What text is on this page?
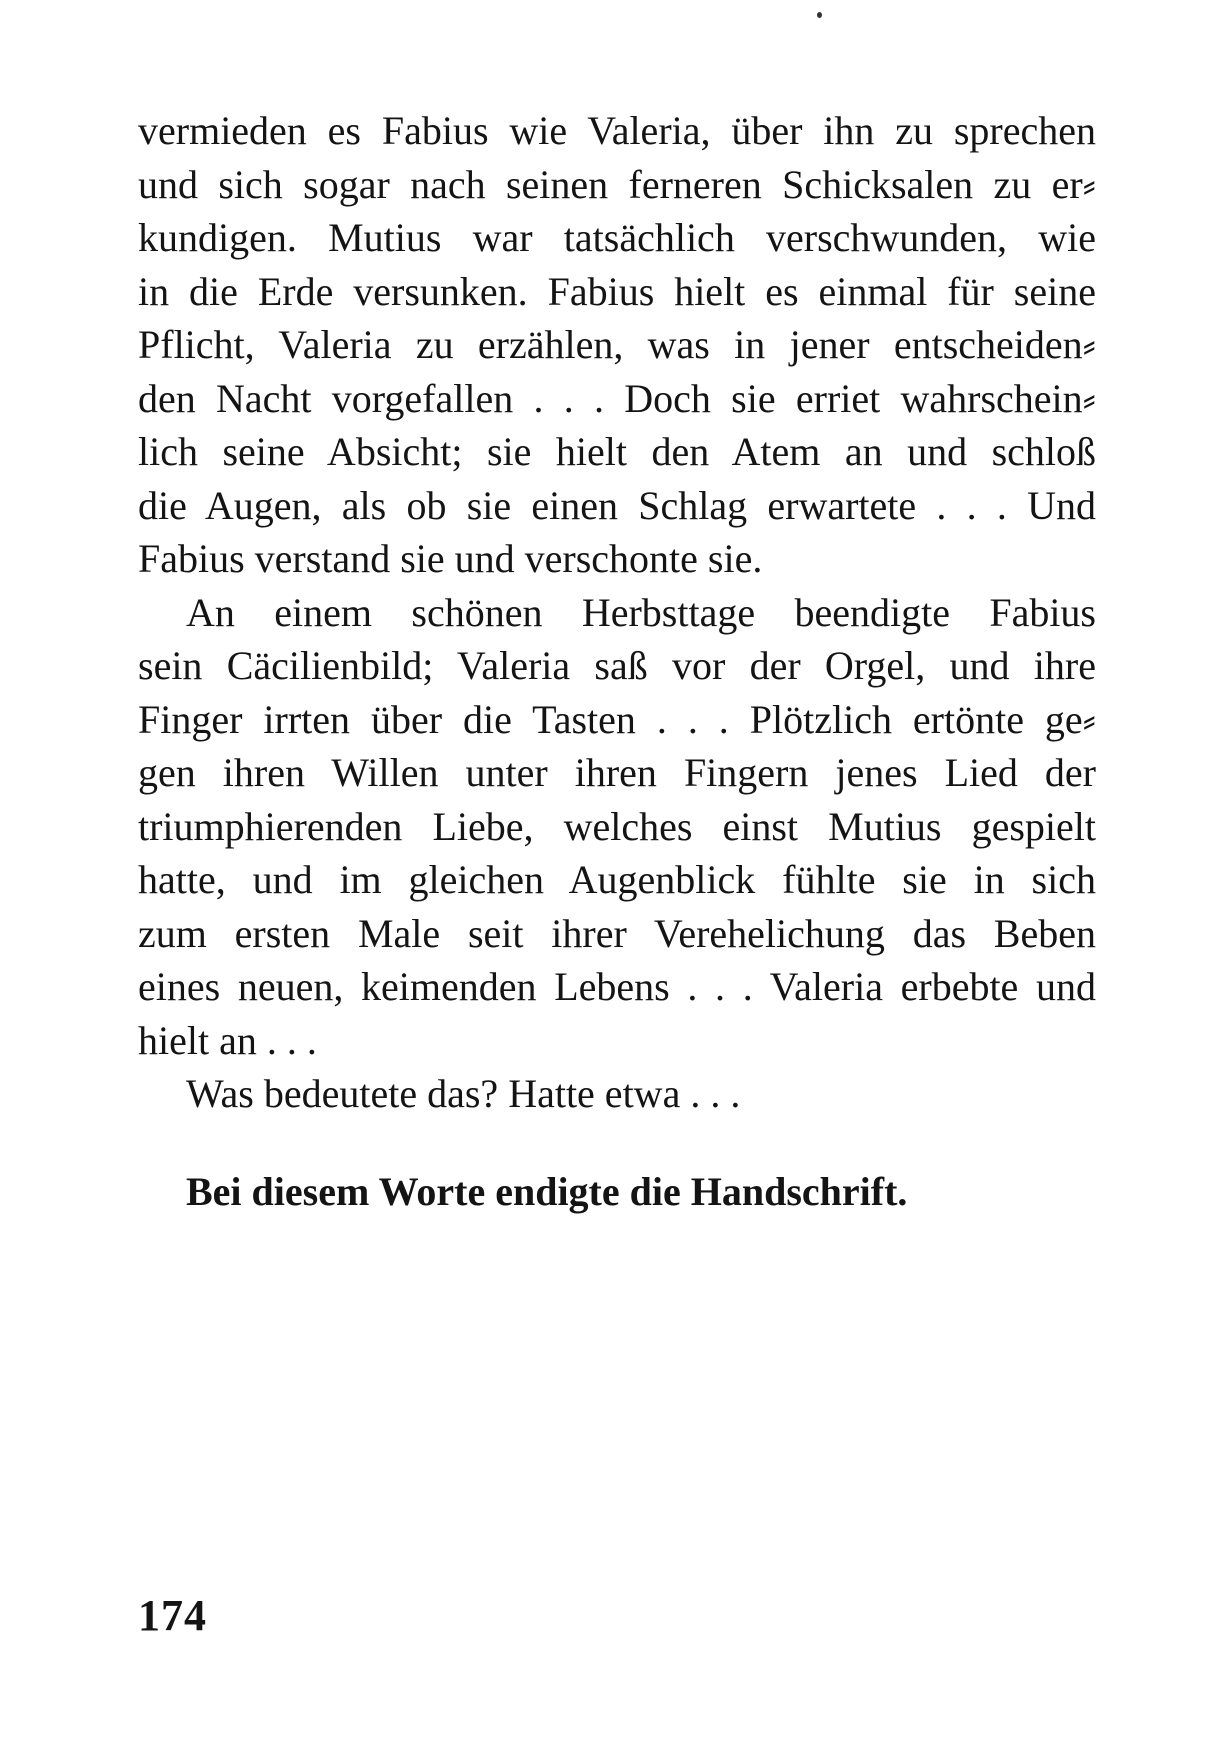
vermieden es Fabius wie Valeria, über ihn zu sprechen
und sich sogar nach seinen ferneren Schicksalen zu er⸗
kundigen. Mutius war tatsächlich verschwunden, wie
in die Erde versunken. Fabius hielt es einmal für seine
Pflicht, Valeria zu erzählen, was in jener entscheiden⸗
den Nacht vorgefallen . . . Doch sie erriet wahrschein⸗
lich seine Absicht; sie hielt den Atem an und schloß
die Augen, als ob sie einen Schlag erwartete . . . Und
Fabius verstand sie und verschonte sie.
An einem schönen Herbsttage beendigte Fabius
sein Cäcilienbild; Valeria saß vor der Orgel, und ihre
Finger irrten über die Tasten . . . Plötzlich ertönte ge⸗
gen ihren Willen unter ihren Fingern jenes Lied der
triumphierenden Liebe, welches einst Mutius gespielt
hatte, und im gleichen Augenblick fühlte sie in sich
zum ersten Male seit ihrer Verehelichung das Beben
eines neuen, keimenden Lebens . . . Valeria erbebte und
hielt an . . .
Was bedeutete das? Hatte etwa . . .
Bei diesem Worte endigte die Handschrift.
174
